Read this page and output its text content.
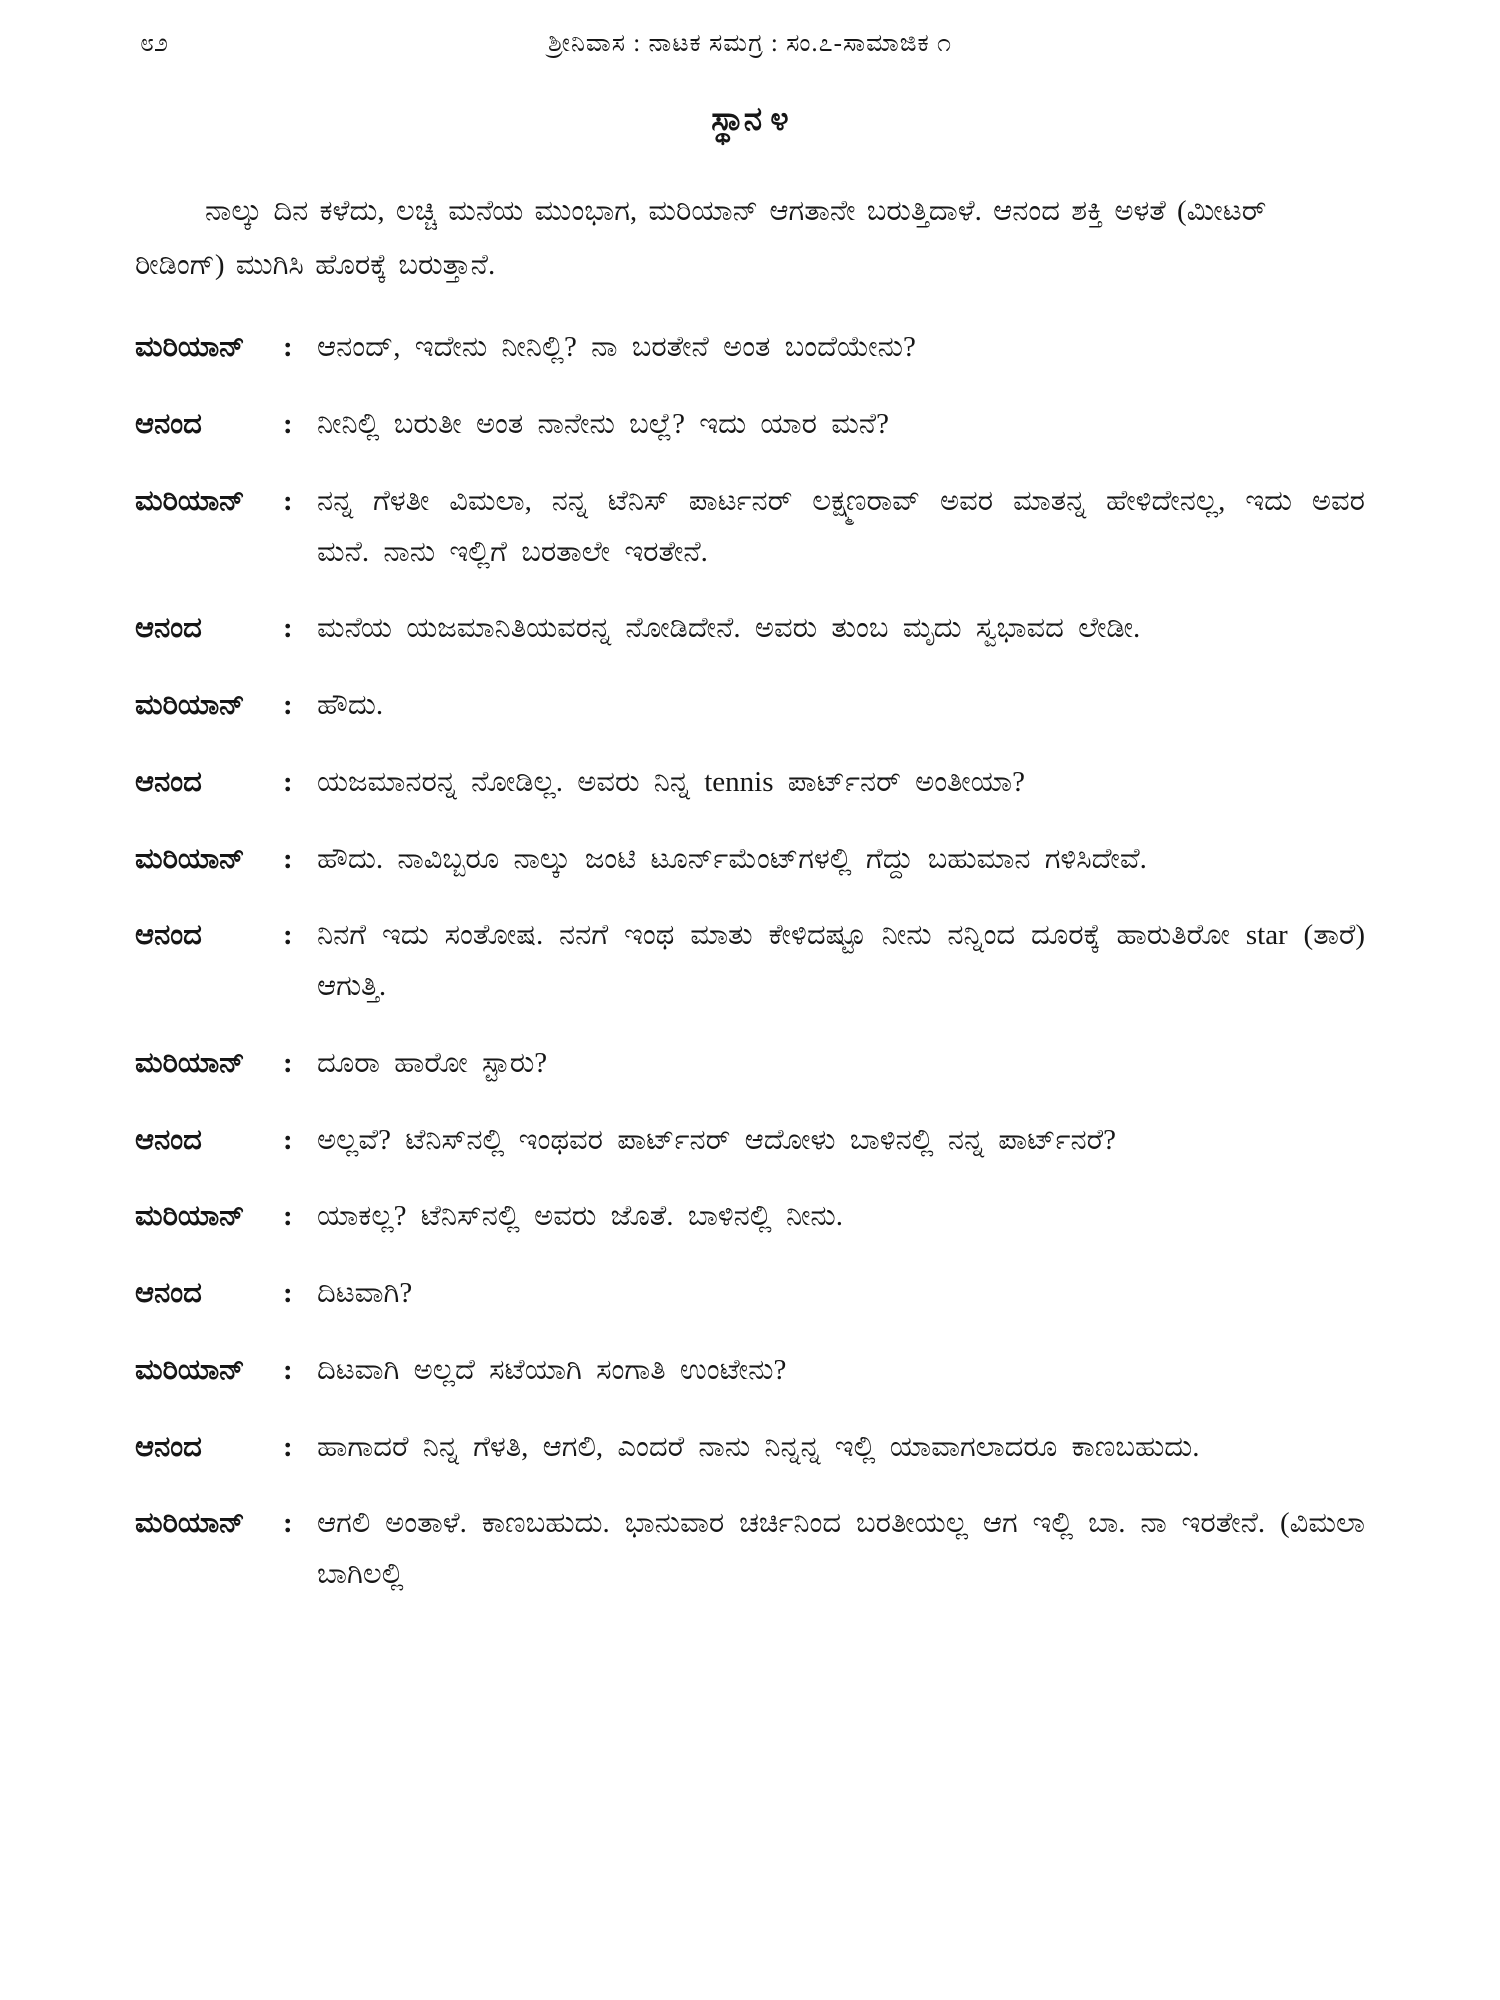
೮೨	ಶ್ರೀನಿವಾಸ : ನಾಟಕ ಸಮಗ್ರ : ಸಂ.೭-ಸಾಮಾಜಿಕ ೧
ಸ್ಥಾನ ೪

ನಾಲ್ಕು ದಿನ ಕಳೆದು, ಲಚ್ಚಿ ಮನೆಯ ಮುಂಭಾಗ, ಮರಿಯಾನ್ ಆಗತಾನೇ ಬರುತ್ತಿದಾಳೆ. ಆನಂದ ಶಕ್ತಿ ಅಳತೆ (ಮೀಟರ್ ರೀಡಿಂಗ್) ಮುಗಿಸಿ ಹೊರಕ್ಕೆ ಬರುತ್ತಾನೆ.

ಮರಿಯಾನ್	: ಆನಂದ್, ಇದೇನು ನೀನಿಲ್ಲಿ? ನಾ ಬರತೇನೆ ಅಂತ ಬಂದೆಯೇನು?
ಆನಂದ	: ನೀನಿಲ್ಲಿ ಬರುತೀ ಅಂತ ನಾನೇನು ಬಲ್ಲೆ? ಇದು ಯಾರ ಮನೆ?
ಮರಿಯಾನ್	: ನನ್ನ ಗೆಳತೀ ವಿಮಲಾ, ನನ್ನ ಟೆನಿಸ್ ಪಾರ್ಟನರ್ ಲಕ್ಷ್ಮಣರಾವ್ ಅವರ ಮಾತನ್ನ ಹೇಳಿದೇನಲ್ಲ, ಇದು ಅವರ ಮನೆ. ನಾನು ಇಲ್ಲಿಗೆ ಬರತಾಲೇ ಇರತೇನೆ.
ಆನಂದ	: ಮನೆಯ ಯಜಮಾನಿತಿಯವರನ್ನ ನೋಡಿದೇನೆ. ಅವರು ತುಂಬ ಮೃದು ಸ್ವಭಾವದ ಲೇಡೀ.
ಮರಿಯಾನ್	: ಹೌದು.
ಆನಂದ	: ಯಜಮಾನರನ್ನ ನೋಡಿಲ್ಲ. ಅವರು ನಿನ್ನ tennis ಪಾರ್ಟ್‌ನರ್ ಅಂತೀಯಾ?
ಮರಿಯಾನ್	: ಹೌದು. ನಾವಿಬ್ಬರೂ ನಾಲ್ಕು ಜಂಟಿ ಟೂರ್ನ್‌ಮೆಂಟ್‌ಗಳಲ್ಲಿ ಗೆದ್ದು ಬಹುಮಾನ ಗಳಿಸಿದೇವೆ.
ಆನಂದ	: ನಿನಗೆ ಇದು ಸಂತೋಷ. ನನಗೆ ಇಂಥ ಮಾತು ಕೇಳಿದಷ್ಟೂ ನೀನು ನನ್ನಿಂದ ದೂರಕ್ಕೆ ಹಾರುತಿರೋ star (ತಾರೆ) ಆಗುತ್ತಿ.
ಮರಿಯಾನ್	: ದೂರಾ ಹಾರೋ ಸ್ಟಾರು?
ಆನಂದ	: ಅಲ್ಲವೆ? ಟೆನಿಸ್‌ನಲ್ಲಿ ಇಂಥವರ ಪಾರ್ಟ್‌ನರ್ ಆದೋಳು ಬಾಳಿನಲ್ಲಿ ನನ್ನ ಪಾರ್ಟ್‌ನರೆ?
ಮರಿಯಾನ್	: ಯಾಕಲ್ಲ? ಟೆನಿಸ್‌ನಲ್ಲಿ ಅವರು ಜೊತೆ. ಬಾಳಿನಲ್ಲಿ ನೀನು.
ಆನಂದ	: ದಿಟವಾಗಿ?
ಮರಿಯಾನ್	: ದಿಟವಾಗಿ ಅಲ್ಲದೆ ಸಟೆಯಾಗಿ ಸಂಗಾತಿ ಉಂಟೇನು?
ಆನಂದ	: ಹಾಗಾದರೆ ನಿನ್ನ ಗೆಳತಿ, ಆಗಲಿ, ಎಂದರೆ ನಾನು ನಿನ್ನನ್ನ ಇಲ್ಲಿ ಯಾವಾಗಲಾದರೂ ಕಾಣಬಹುದು.
ಮರಿಯಾನ್	: ಆಗಲಿ ಅಂತಾಳೆ. ಕಾಣಬಹುದು. ಭಾನುವಾರ ಚರ್ಚಿನಿಂದ ಬರತೀಯಲ್ಲ ಆಗ ಇಲ್ಲಿ ಬಾ. ನಾ ಇರತೇನೆ. (ವಿಮಲಾ ಬಾಗಿಲಲ್ಲಿ
